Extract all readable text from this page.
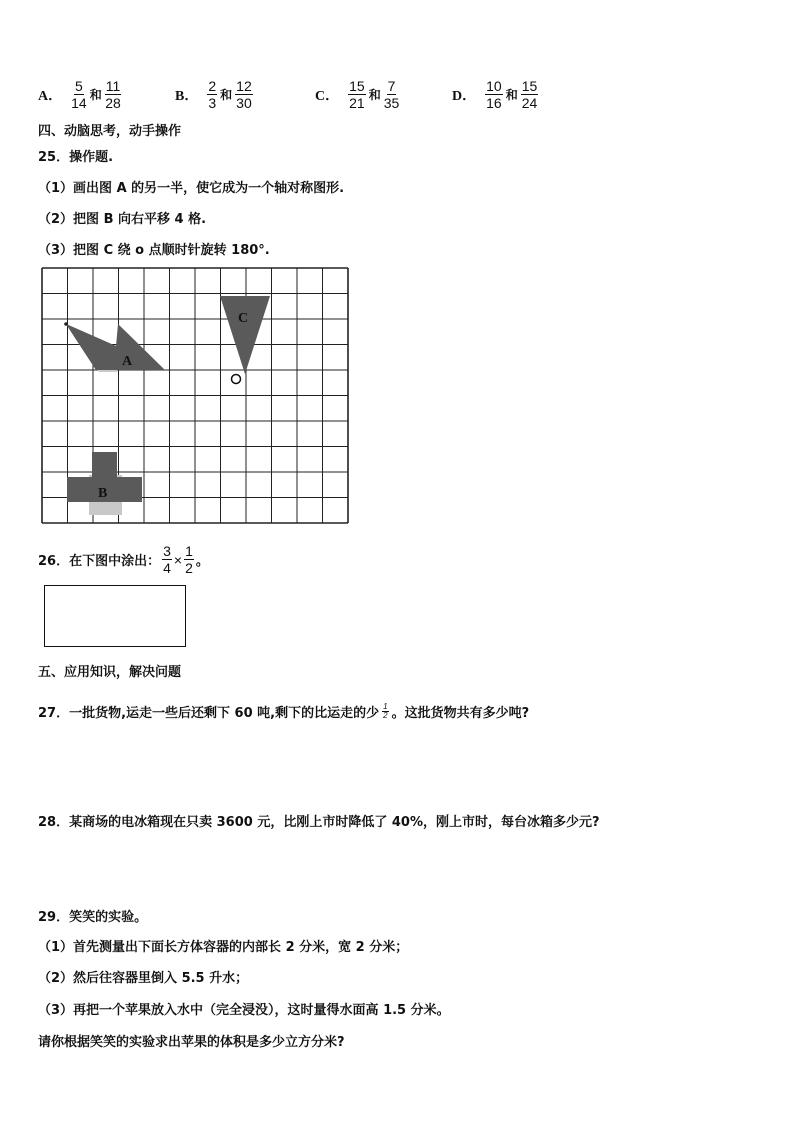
A． $\frac{5}{14}$ 和 $\frac{11}{28}$	B． $\frac{2}{3}$ 和 $\frac{12}{30}$	C． $\frac{15}{21}$ 和 $\frac{7}{35}$	D． $\frac{10}{16}$ 和 $\frac{15}{24}$
四、动脑思考，动手操作
25．操作题.
（1）画出图 A 的另一半，使它成为一个轴对称图形.
（2）把图 B 向右平移 4 格.
（3）把图 C 绕 o 点顺时针旋转 180°.
A
C
B
26．在下图中涂出： $\frac{3}{4} \times \frac{1}{2}$ 。
五、应用知识，解决问题
27．一批货物,运走一些后还剩下 60 吨,剩下的比运走的少 $\frac{1}{2}$ 。这批货物共有多少吨?
28．某商场的电冰箱现在只卖 3600 元，比刚上市时降低了 40%，刚上市时，每台冰箱多少元?
29．笑笑的实验。
（1）首先测量出下面长方体容器的内部长 2 分米，宽 2 分米；
（2）然后往容器里倒入 5.5 升水；
（3）再把一个苹果放入水中（完全浸没），这时量得水面高 1.5 分米。
请你根据笑笑的实验求出苹果的体积是多少立方分米?
